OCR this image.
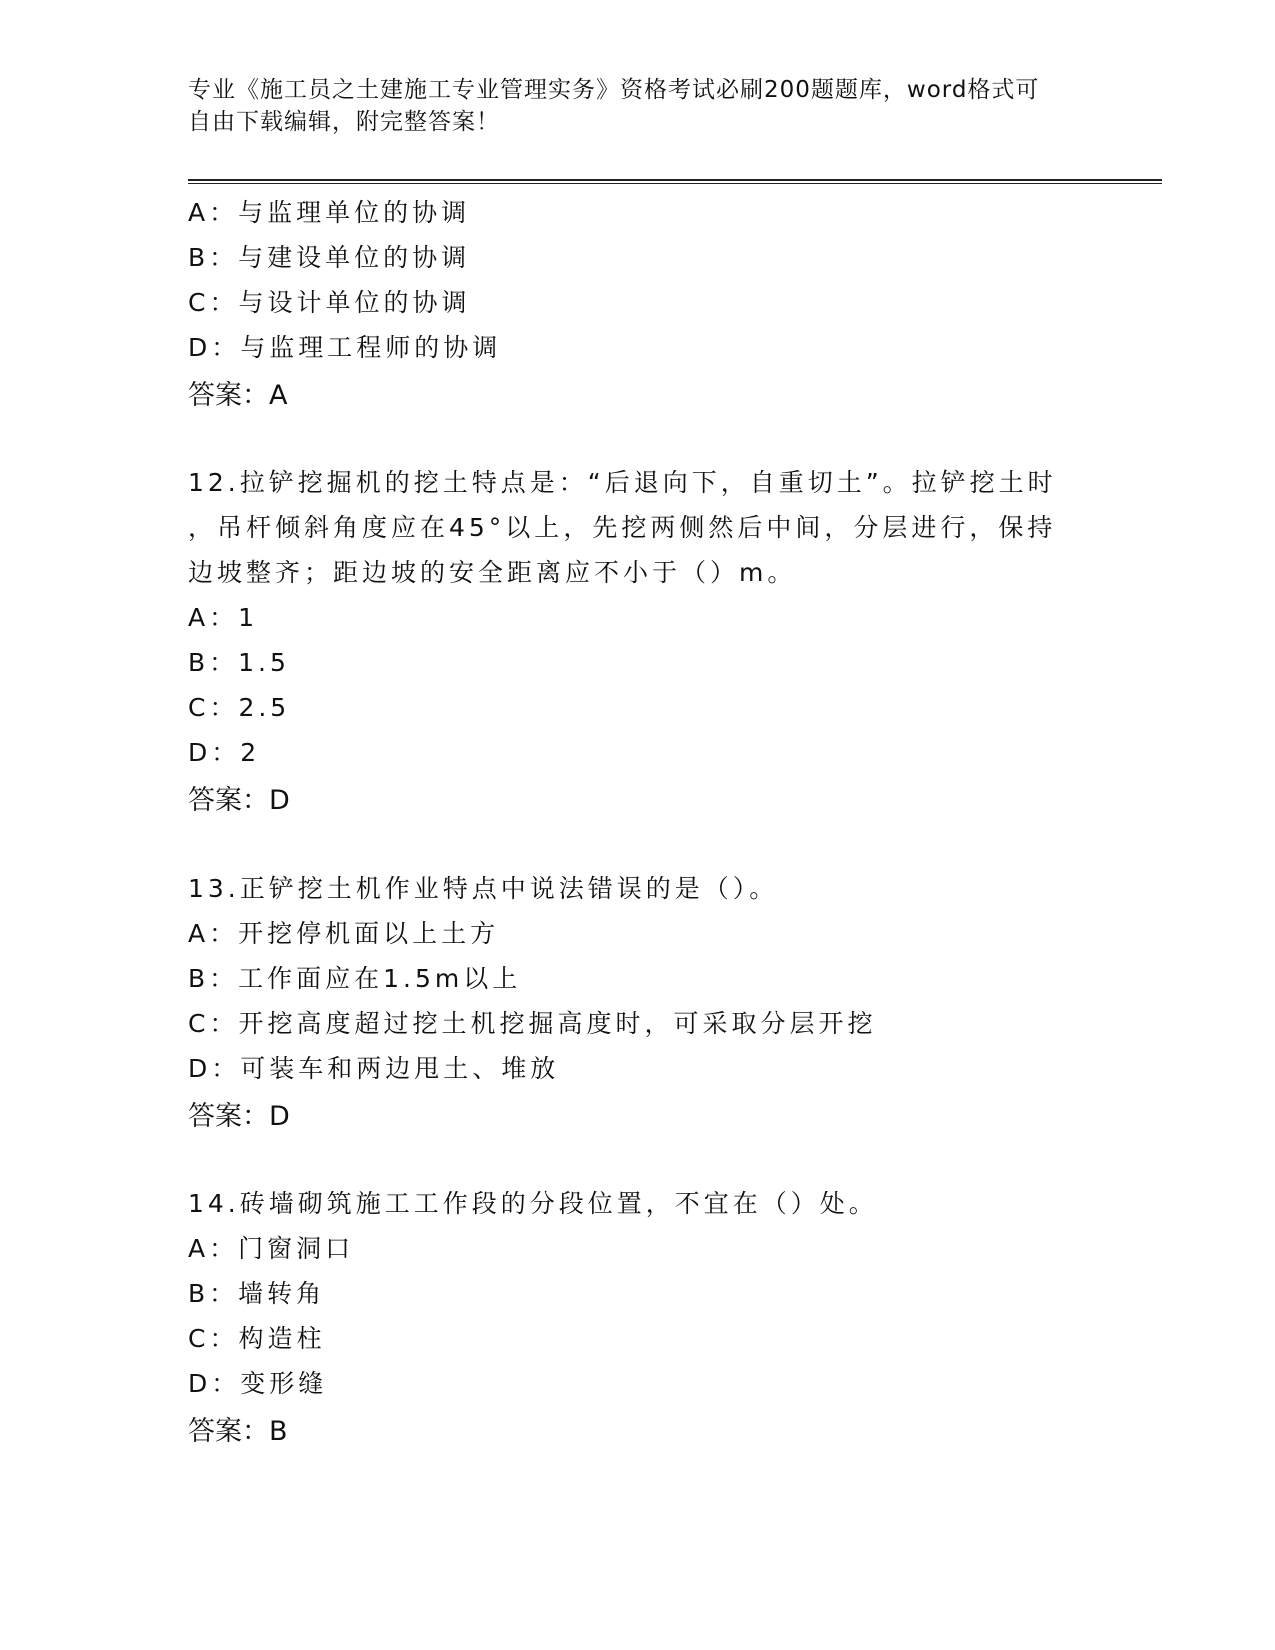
专业《施工员之土建施工专业管理实务》资格考试必刷200题题库，word格式可
自由下载编辑，附完整答案！
A：与监理单位的协调
B：与建设单位的协调
C：与设计单位的协调
D：与监理工程师的协调
答案：A
12.拉铲挖掘机的挖土特点是：“后退向下，自重切土”。拉铲挖土时
，吊杆倾斜角度应在45°以上，先挖两侧然后中间，分层进行，保持
边坡整齐；距边坡的安全距离应不小于（）m。
A：1
B：1.5
C：2.5
D：2
答案：D
13.正铲挖土机作业特点中说法错误的是（）。
A：开挖停机面以上土方
B：工作面应在1.5m以上
C：开挖高度超过挖土机挖掘高度时，可采取分层开挖
D：可装车和两边甩土、堆放
答案：D
14.砖墙砌筑施工工作段的分段位置，不宜在（）处。
A：门窗洞口
B：墙转角
C：构造柱
D：变形缝
答案：B
